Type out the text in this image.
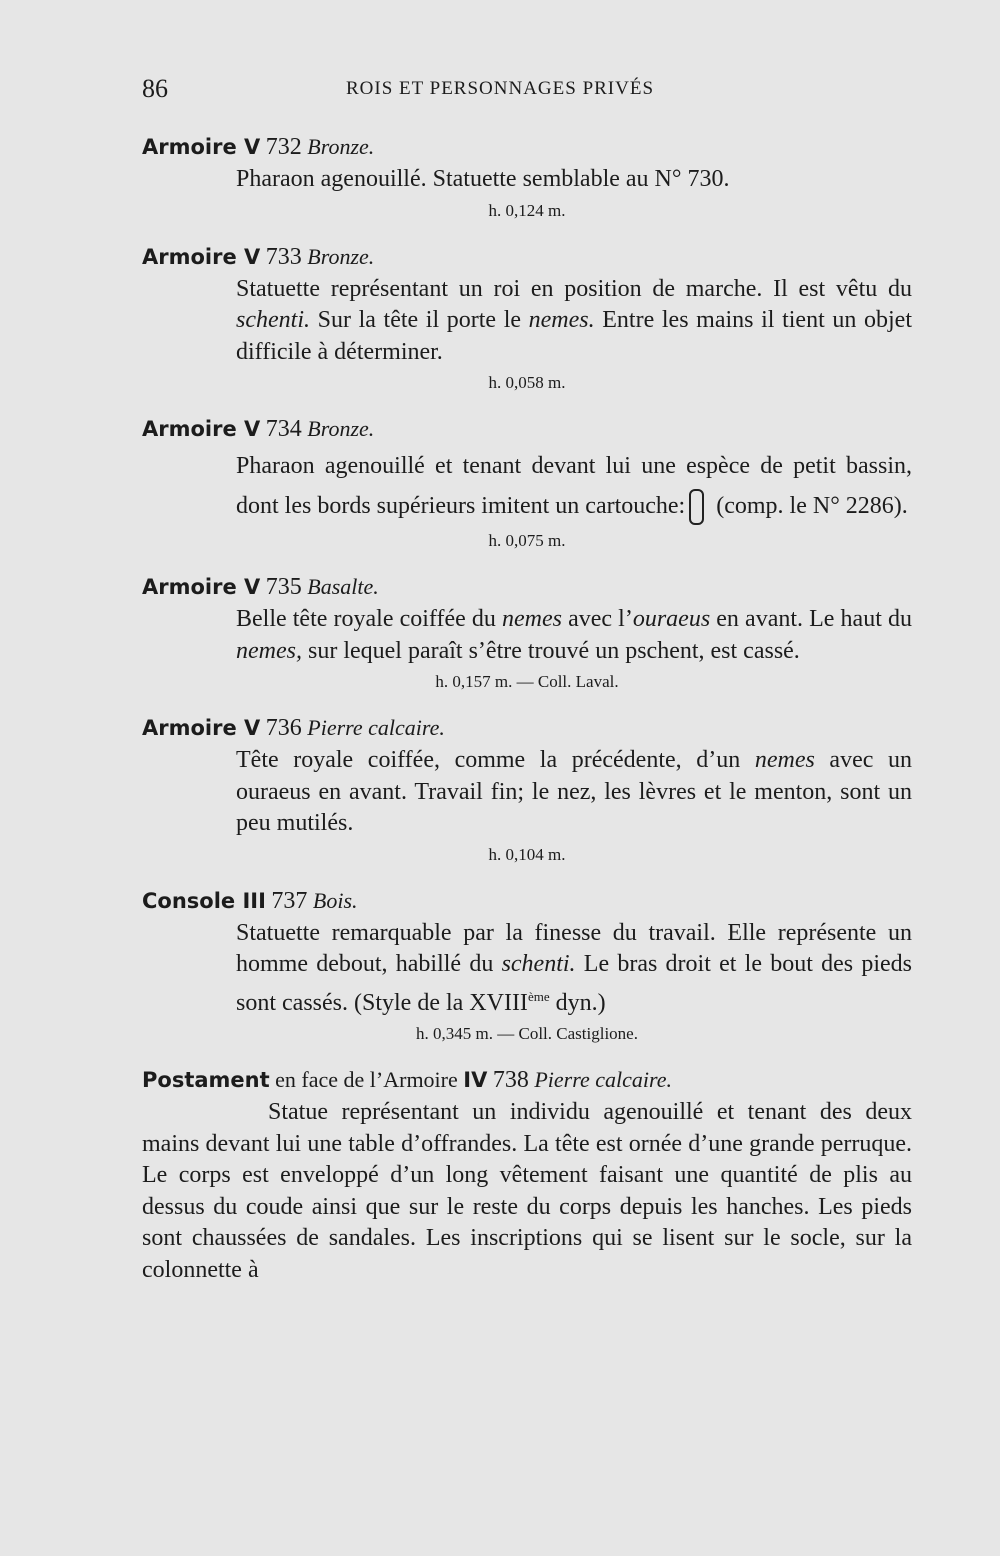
86	ROIS ET PERSONNAGES PRIVÉS
Armoire V 732 Bronze.

Pharaon agenouillé. Statuette semblable au N° 730.

h. 0,124 m.
Armoire V 733 Bronze.

Statuette représentant un roi en position de marche. Il est vêtu du schenti. Sur la tête il porte le nemes. Entre les mains il tient un objet difficile à déterminer.

h. 0,058 m.
Armoire V 734 Bronze.

Pharaon agenouillé et tenant devant lui une espèce de petit bassin, dont les bords supérieurs imitent un cartouche: (comp. le N° 2286).

h. 0,075 m.
Armoire V 735 Basalte.

Belle tête royale coiffée du nemes avec l’ouraeus en avant. Le haut du nemes, sur lequel paraît s’être trouvé un pschent, est cassé.

h. 0,157 m. — Coll. Laval.
Armoire V 736 Pierre calcaire.

Tête royale coiffée, comme la précédente, d’un nemes avec un ouraeus en avant. Travail fin; le nez, les lèvres et le menton, sont un peu mutilés.

h. 0,104 m.
Console III 737 Bois.

Statuette remarquable par la finesse du travail. Elle représente un homme debout, habillé du schenti. Le bras droit et le bout des pieds sont cassés. (Style de la XVIIIème dyn.)

h. 0,345 m. — Coll. Castiglione.
Postament en face de l’Armoire IV 738 Pierre calcaire.

Statue représentant un individu agenouillé et tenant des deux mains devant lui une table d’offrandes. La tête est ornée d’une grande perruque. Le corps est enveloppé d’un long vêtement faisant une quantité de plis au dessus du coude ainsi que sur le reste du corps depuis les hanches. Les pieds sont chaussées de sandales. Les inscriptions qui se lisent sur le socle, sur la colonnette à
